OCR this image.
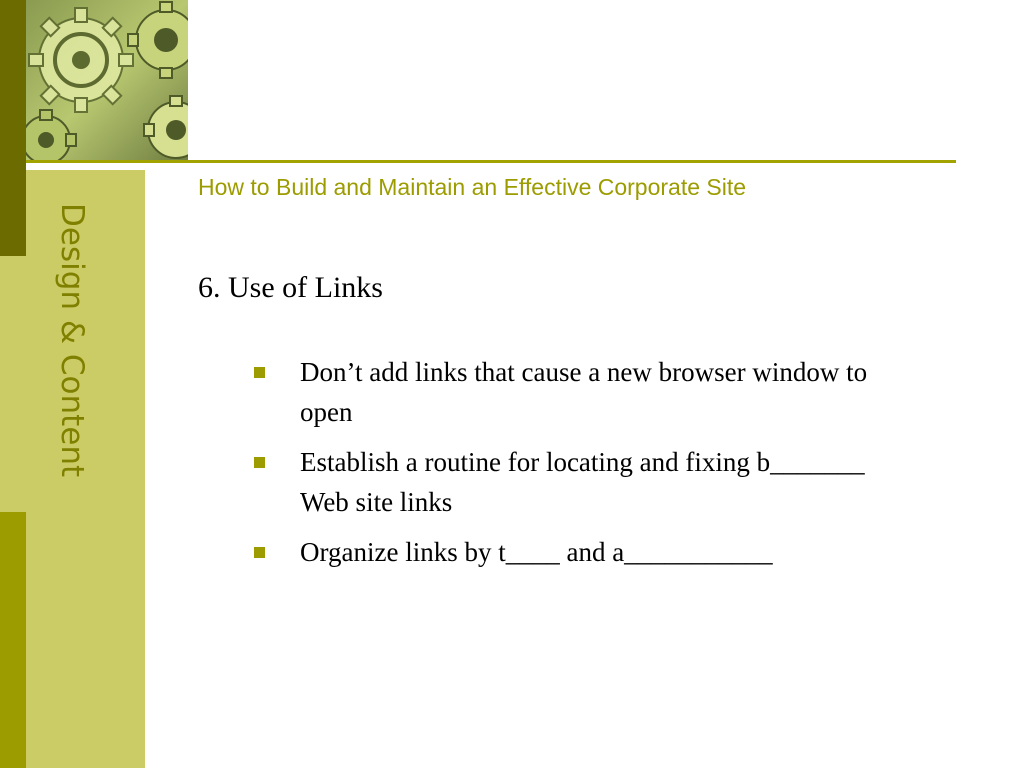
Design & Content
How to Build and Maintain an Effective Corporate Site
6. Use of Links
Don’t add links that cause a new browser window to open
Establish a routine for locating and fixing b_______ Web site links
Organize links by t____ and a___________
